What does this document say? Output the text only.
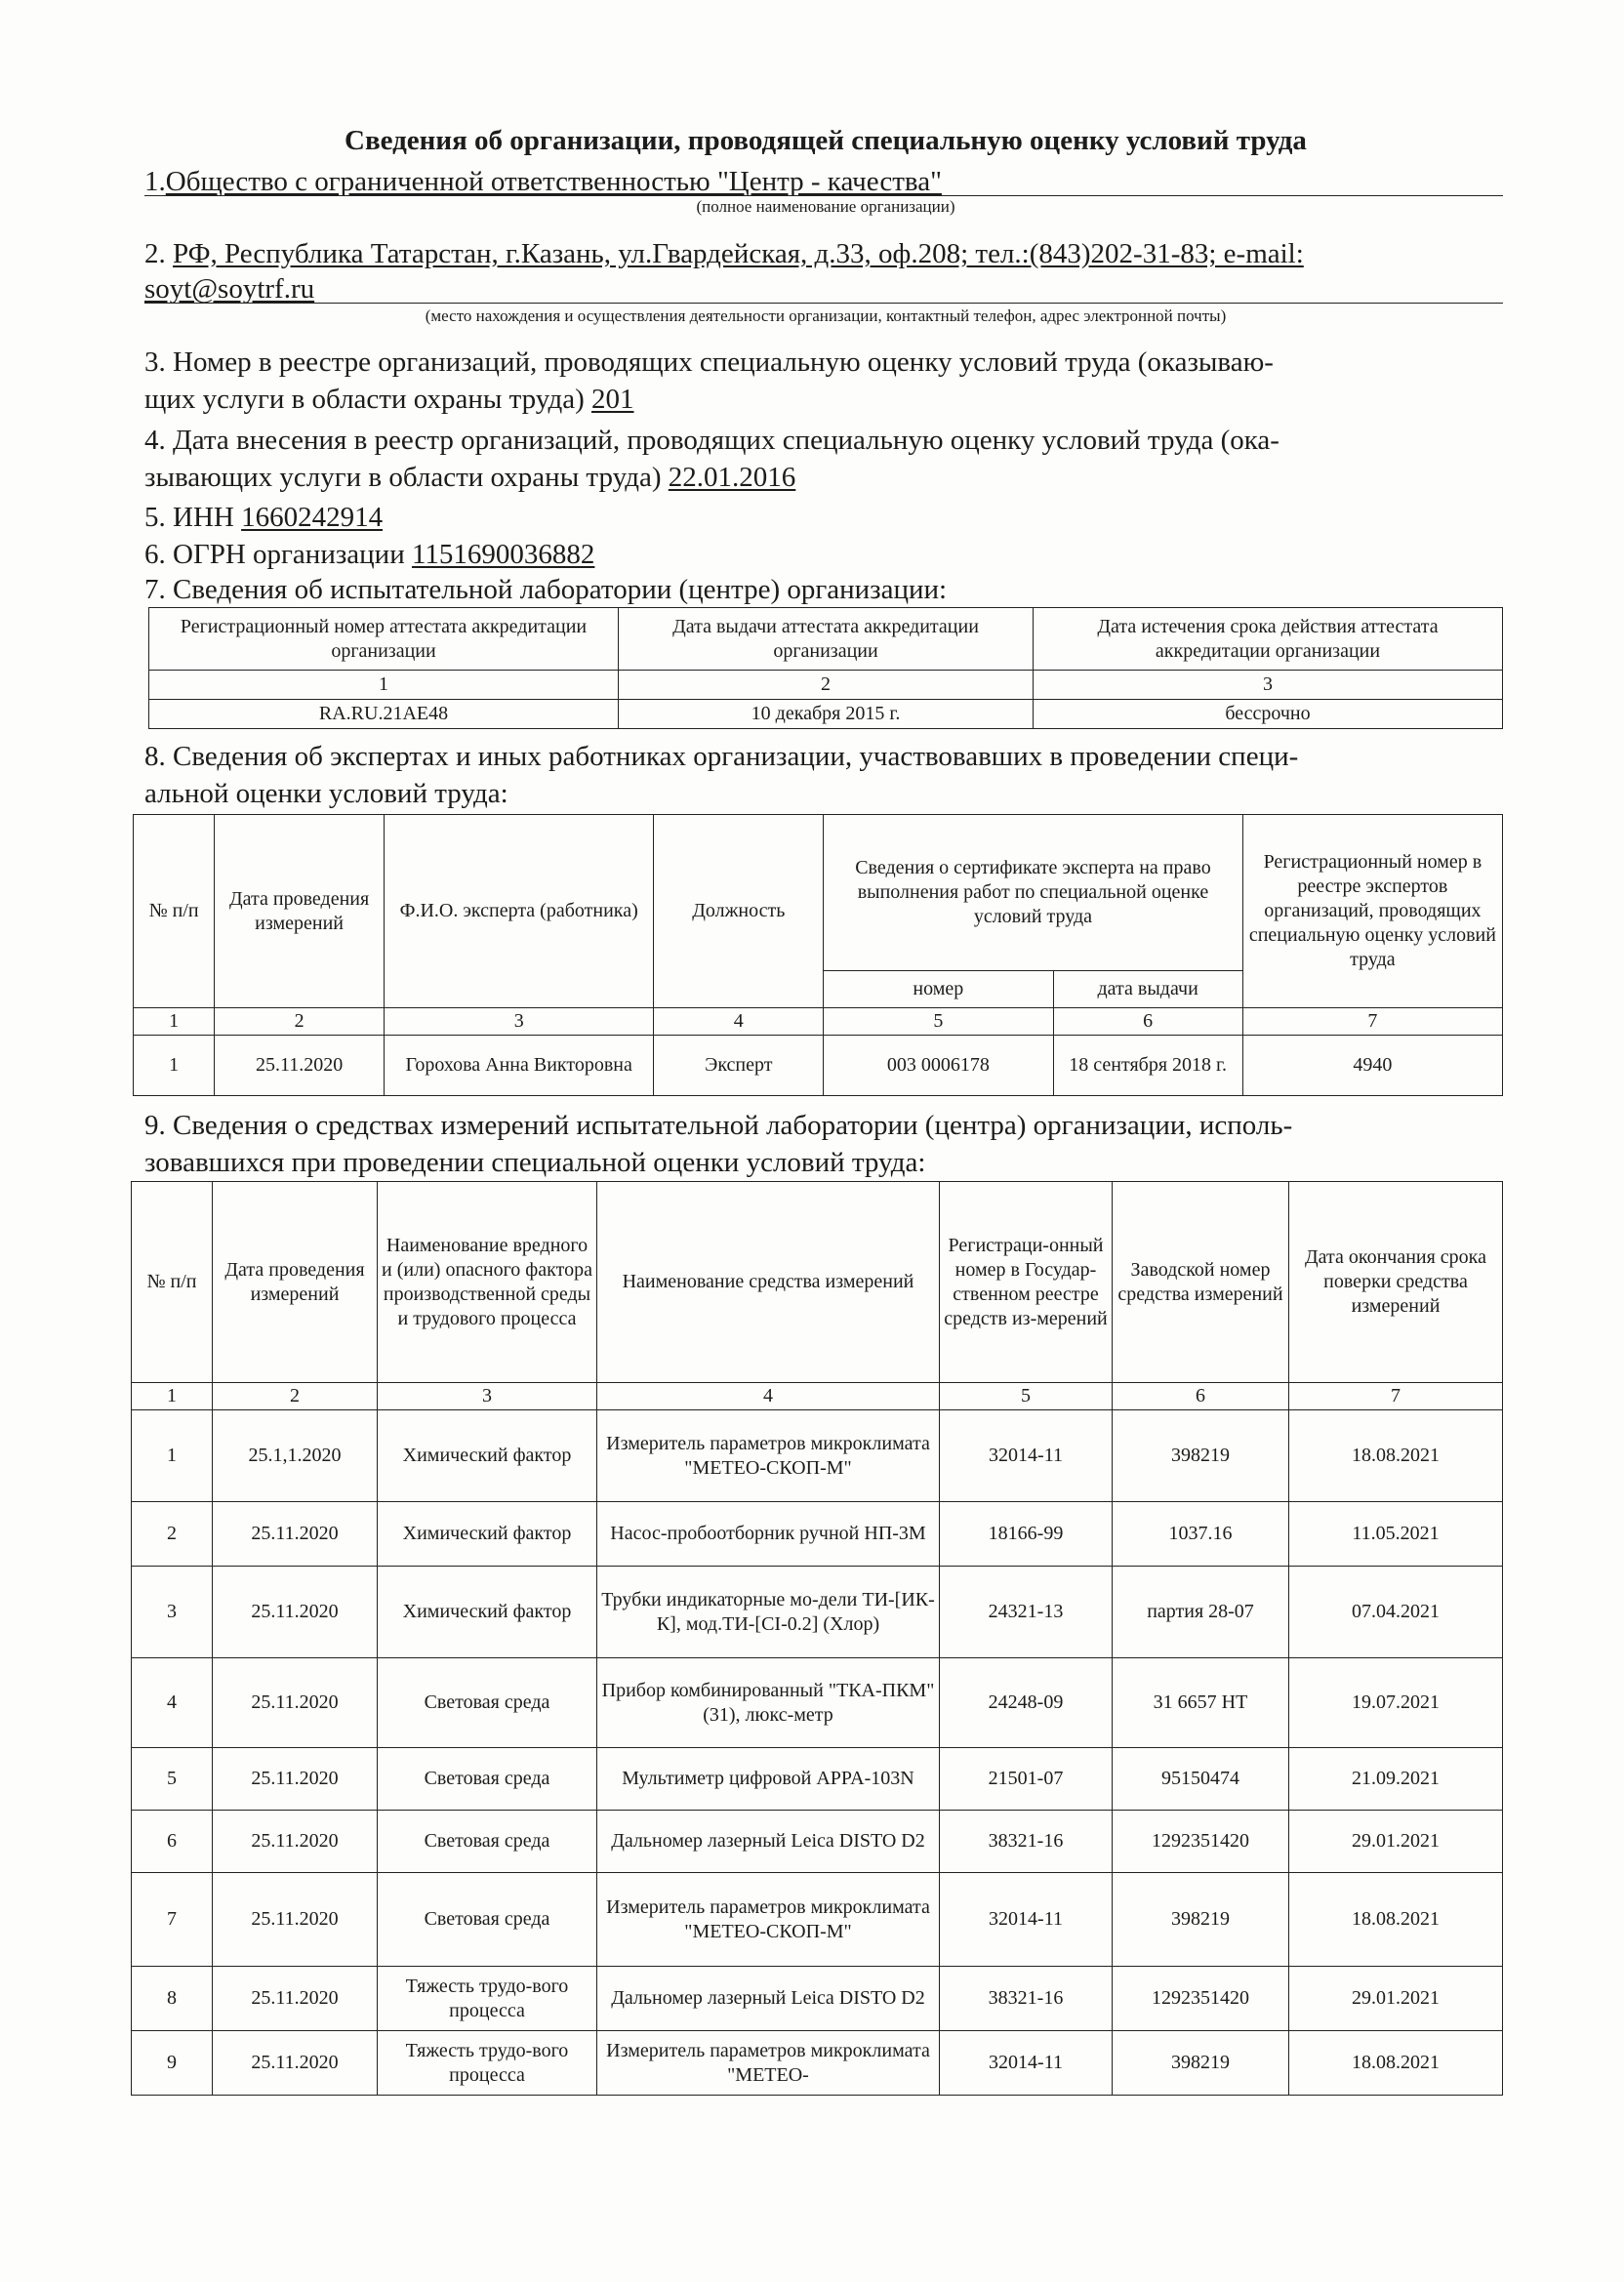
Сведения об организации, проводящей специальную оценку условий труда
1.Общество с ограниченной ответственностью "Центр - качества"
(полное наименование организации)
2. РФ, Республика Татарстан, г.Казань, ул.Гвардейская, д.33, оф.208; тел.:(843)202-31-83; e-mail:
soyt@soytrf.ru
(место нахождения и осуществления деятельности организации, контактный телефон, адрес электронной почты)
3. Номер в реестре организаций, проводящих специальную оценку условий труда (оказываю-
щих услуги в области охраны труда) 201
4. Дата внесения в реестр организаций, проводящих специальную оценку условий труда (ока-
зывающих услуги в области охраны труда) 22.01.2016
5. ИНН 1660242914
6. ОГРН организации 1151690036882
7. Сведения об испытательной лаборатории (центре) организации:
Регистрационный номер аттестата аккредитации организации	Дата выдачи аттестата аккредитации организации	Дата истечения срока действия аттестата аккредитации организации
1	2	3
RA.RU.21АЕ48	10 декабря 2015 г.	бессрочно
8. Сведения об экспертах и иных работниках организации, участвовавших в проведении специ-
альной оценки условий труда:
№ п/п	Дата проведения измерений	Ф.И.О. эксперта (работника)	Должность	Сведения о сертификате эксперта на право выполнения работ по специальной оценке условий труда		Регистрационный номер в реестре экспертов организаций, проводящих специальную оценку условий труда
				номер	дата выдачи	
1	2	3	4	5	6	7
1	25.11.2020	Горохова Анна Викторовна	Эксперт	003 0006178	18 сентября 2018 г.	4940
9. Сведения о средствах измерений испытательной лаборатории (центра) организации, исполь-
зовавшихся при проведении специальной оценки условий труда:
№ п/п	Дата проведения измерений	Наименование вредного и (или) опасного фактора производственной среды и трудового процесса	Наименование средства измерений	Регистраци-онный номер в Государ-ственном реестре средств из-мерений	Заводской номер средства измерений	Дата окончания срока поверки средства измерений
1	2	3	4	5	6	7
1	25.1,1.2020	Химический фактор	Измеритель параметров микроклимата "МЕТЕО-СКОП-М"	32014-11	398219	18.08.2021
2	25.11.2020	Химический фактор	Насос-пробоотборник ручной НП-3М	18166-99	1037.16	11.05.2021
3	25.11.2020	Химический фактор	Трубки индикаторные мо-дели ТИ-[ИК-К], мод.ТИ-[CI-0.2] (Хлор)	24321-13	партия 28-07	07.04.2021
4	25.11.2020	Световая среда	Прибор комбинированный "ТКА-ПКМ" (31), люкс-метр	24248-09	31 6657 НТ	19.07.2021
5	25.11.2020	Световая среда	Мультиметр цифровой APPA-103N	21501-07	95150474	21.09.2021
6	25.11.2020	Световая среда	Дальномер лазерный Leica DISTO D2	38321-16	1292351420	29.01.2021
7	25.11.2020	Световая среда	Измеритель параметров микроклимата "МЕТЕО-СКОП-М"	32014-11	398219	18.08.2021
8	25.11.2020	Тяжесть трудо-вого процесса	Дальномер лазерный Leica DISTO D2	38321-16	1292351420	29.01.2021
9	25.11.2020	Тяжесть трудо-вого процесса	Измеритель параметров микроклимата "МЕТЕО-	32014-11	398219	18.08.2021
